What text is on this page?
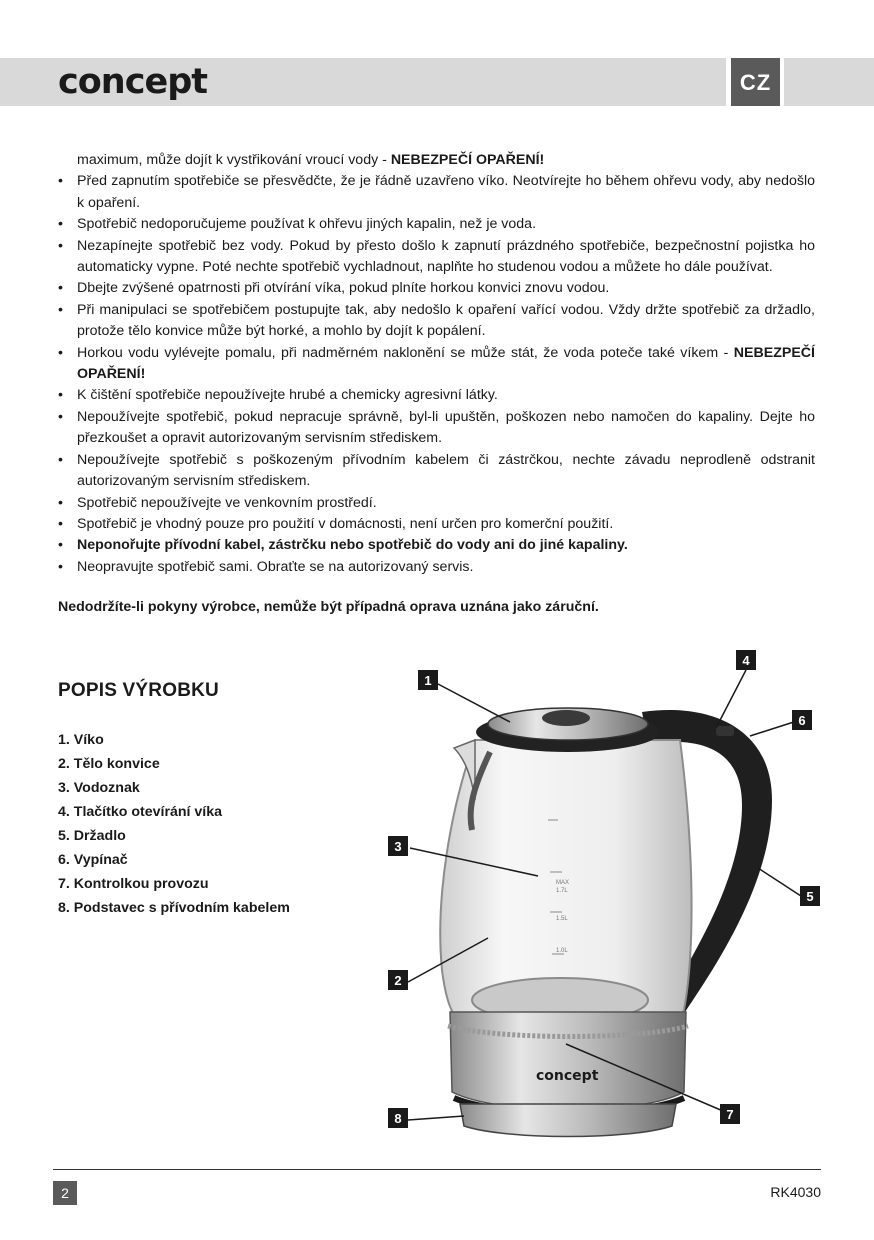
concept	CZ

maximum, může dojít k vystřikování vroucí vody - NEBEZPEČÍ OPAŘENÍ!

• Před zapnutím spotřebiče se přesvědčte, že je řádně uzavřeno víko. Neotvírejte ho během ohřevu vody, aby nedošlo k opaření.
• Spotřebič nedoporučujeme používat k ohřevu jiných kapalin, než je voda.
• Nezapínejte spotřebič bez vody. Pokud by přesto došlo k zapnutí prázdného spotřebiče, bezpečnostní pojistka ho automaticky vypne. Poté nechte spotřebič vychladnout, naplňte ho studenou vodou a můžete ho dále používat.
• Dbejte zvýšené opatrnosti při otvírání víka, pokud plníte horkou konvici znovu vodou.
• Při manipulaci se spotřebičem postupujte tak, aby nedošlo k opaření vařící vodou. Vždy držte spotřebič za držadlo, protože tělo konvice může být horké, a mohlo by dojít k popálení.
• Horkou vodu vylévejte pomalu, při nadměrném naklonění se může stát, že voda poteče také víkem - NEBEZPEČÍ OPAŘENÍ!
• K čištění spotřebiče nepoužívejte hrubé a chemicky agresivní látky.
• Nepoužívejte spotřebič, pokud nepracuje správně, byl-li upuštěn, poškozen nebo namočen do kapaliny. Dejte ho přezkoušet a opravit autorizovaným servisním střediskem.
• Nepoužívejte spotřebič s poškozeným přívodním kabelem či zástrčkou, nechte závadu neprodleně odstranit autorizovaným servisním střediskem.
• Spotřebič nepoužívejte ve venkovním prostředí.
• Spotřebič je vhodný pouze pro použití v domácnosti, není určen pro komerční použití.
• Neponořujte přívodní kabel, zástrčku nebo spotřebič do vody ani do jiné kapaliny.
• Neopravujte spotřebič sami. Obraťte se na autorizovaný servis.

Nedodržíte-li pokyny výrobce, nemůže být případná oprava uznána jako záruční.

POPIS VÝROBKU
1. Víko
2. Tělo konvice
3. Vodoznak
4. Tlačítko otevírání víka
5. Držadlo
6. Vypínač
7. Kontrolkou provozu
8. Podstavec s přívodním kabelem
MAX
1.7L
1.5L
1.0L
concept
1
2
3
4
5
6
7
8
2	RK4030
